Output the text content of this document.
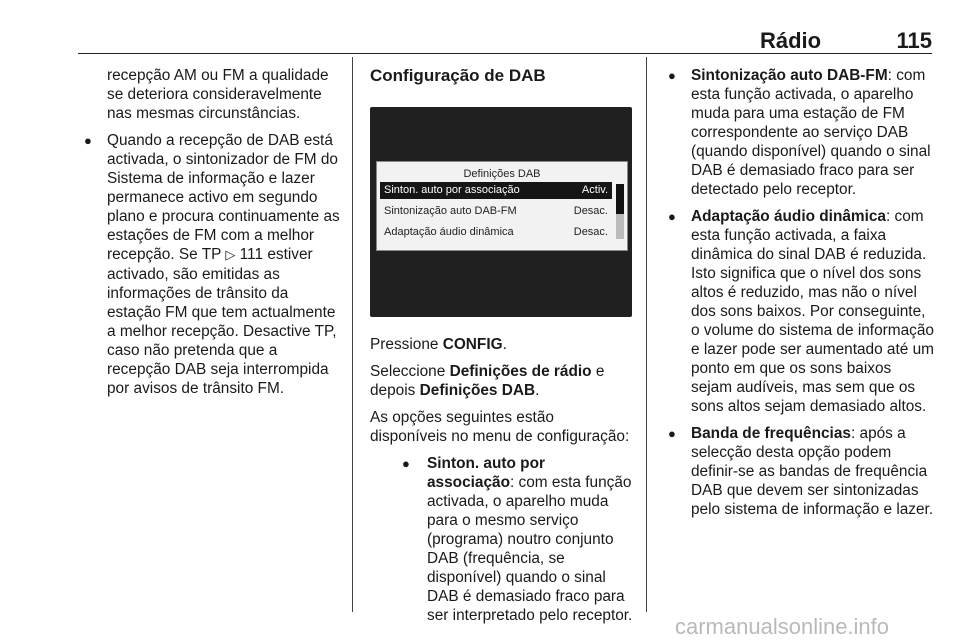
Rádio	115

recepção AM ou FM a qualidade se deteriora consideravelmente nas mesmas circunstâncias.

● Quando a recepção de DAB está activada, o sintonizador de FM do Sistema de informação e lazer permanece activo em segundo plano e procura continuamente as estações de FM com a melhor recepção. Se TP ▷ 111 estiver activado, são emitidas as informações de trânsito da estação FM que tem actualmente a melhor recepção. Desactive TP, caso não pretenda que a recepção DAB seja interrompida por avisos de trânsito FM.

Configuração de DAB
Definições DAB
Sinton. auto por associação	Activ.
Sintonização auto DAB-FM	Desac.
Adaptação áudio dinâmica	Desac.

Pressione CONFIG.

Seleccione Definições de rádio e depois Definições DAB.

As opções seguintes estão disponíveis no menu de configuração:

● Sinton. auto por associação: com esta função activada, o aparelho muda para o mesmo serviço (programa) noutro conjunto DAB (frequência, se disponível) quando o sinal DAB é demasiado fraco para ser interpretado pelo receptor.

● Sintonização auto DAB-FM: com esta função activada, o aparelho muda para uma estação de FM correspondente ao serviço DAB (quando disponível) quando o sinal DAB é demasiado fraco para ser detectado pelo receptor.

● Adaptação áudio dinâmica: com esta função activada, a faixa dinâmica do sinal DAB é reduzida. Isto significa que o nível dos sons altos é reduzido, mas não o nível dos sons baixos. Por conseguinte, o volume do sistema de informação e lazer pode ser aumentado até um ponto em que os sons baixos sejam audíveis, mas sem que os sons altos sejam demasiado altos.

● Banda de frequências: após a selecção desta opção podem definir-se as bandas de frequência DAB que devem ser sintonizadas pelo sistema de informação e lazer.

carmanualsonline.info
